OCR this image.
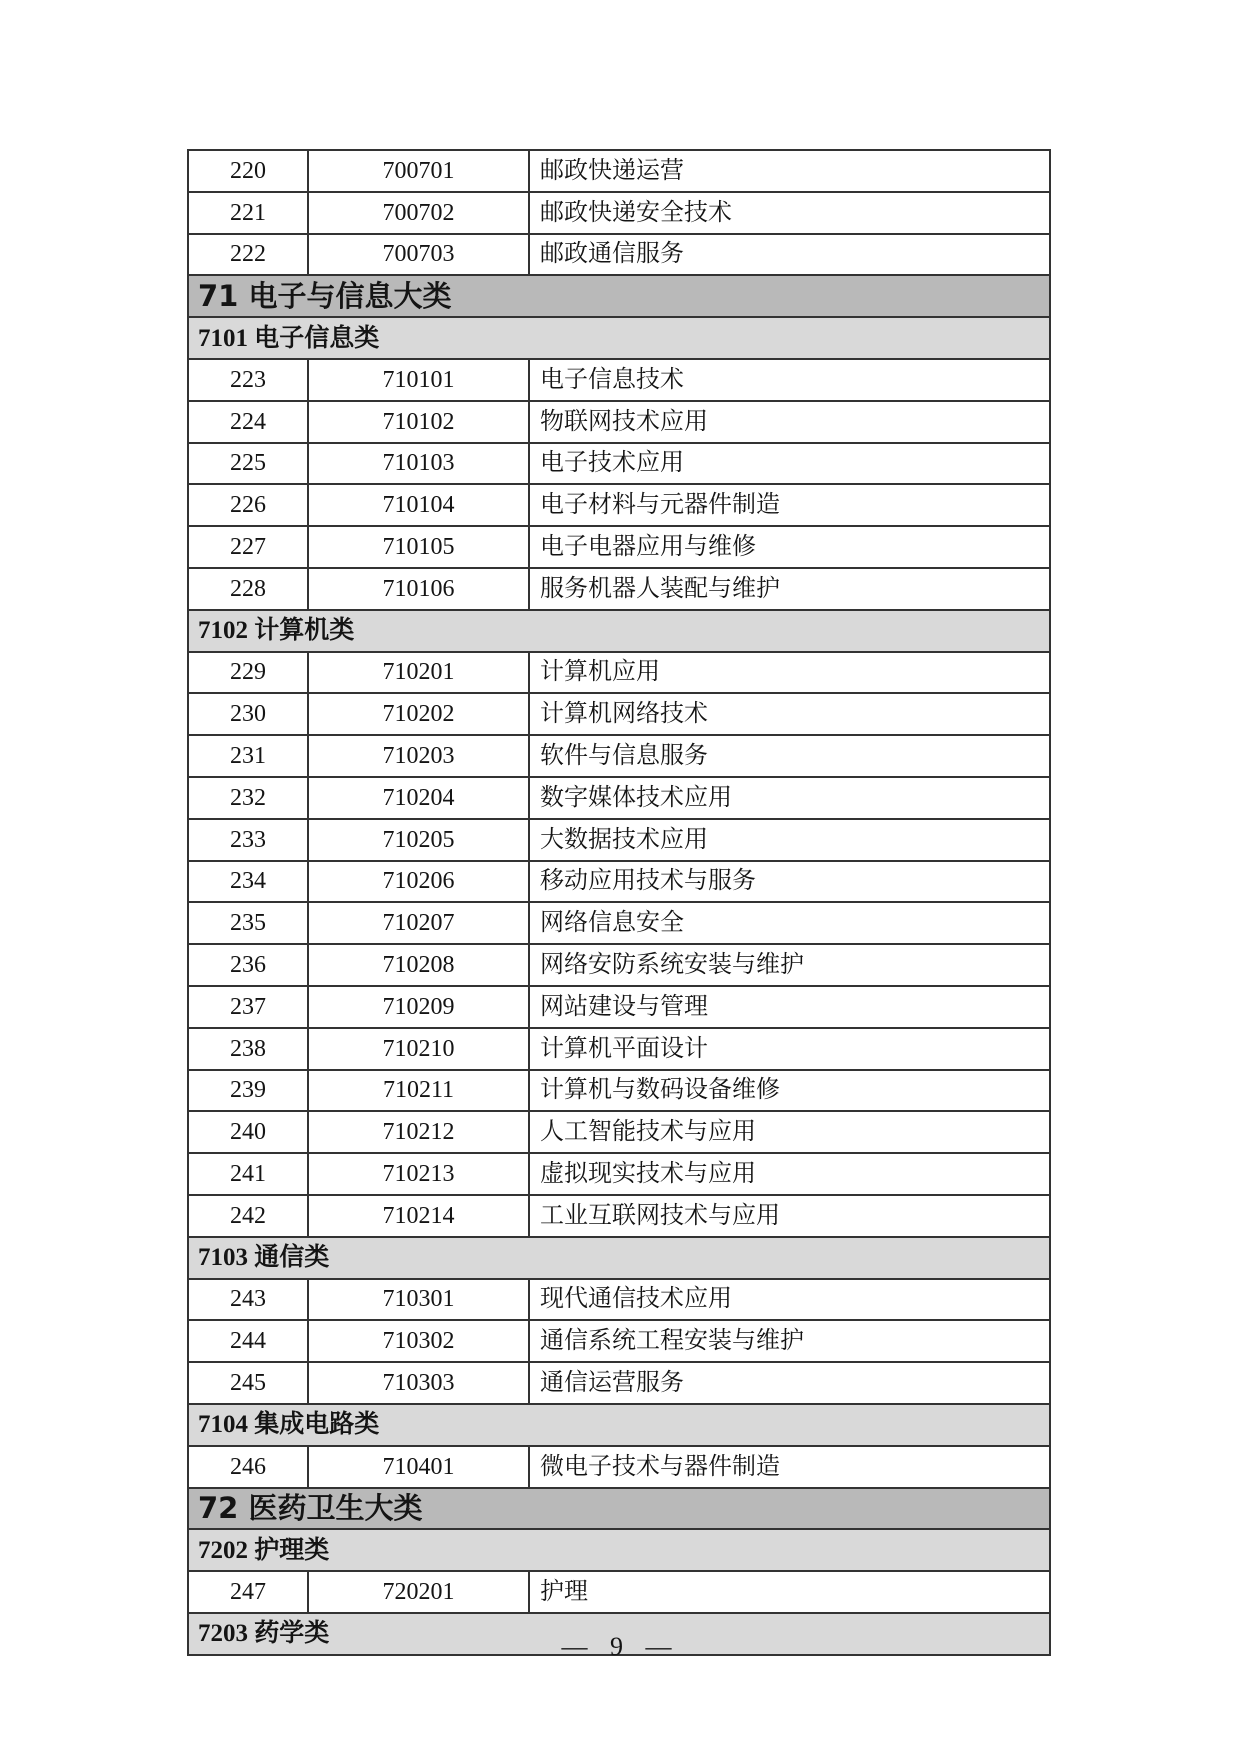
220	700701	邮政快递运营
221	700702	邮政快递安全技术
222	700703	邮政通信服务
71 电子与信息大类		
7101 电子信息类		
223	710101	电子信息技术
224	710102	物联网技术应用
225	710103	电子技术应用
226	710104	电子材料与元器件制造
227	710105	电子电器应用与维修
228	710106	服务机器人装配与维护
7102 计算机类		
229	710201	计算机应用
230	710202	计算机网络技术
231	710203	软件与信息服务
232	710204	数字媒体技术应用
233	710205	大数据技术应用
234	710206	移动应用技术与服务
235	710207	网络信息安全
236	710208	网络安防系统安装与维护
237	710209	网站建设与管理
238	710210	计算机平面设计
239	710211	计算机与数码设备维修
240	710212	人工智能技术与应用
241	710213	虚拟现实技术与应用
242	710214	工业互联网技术与应用
7103 通信类		
243	710301	现代通信技术应用
244	710302	通信系统工程安装与维护
245	710303	通信运营服务
7104 集成电路类		
246	710401	微电子技术与器件制造
72 医药卫生大类		
7202 护理类		
247	720201	护理
7203 药学类			— 9 —
